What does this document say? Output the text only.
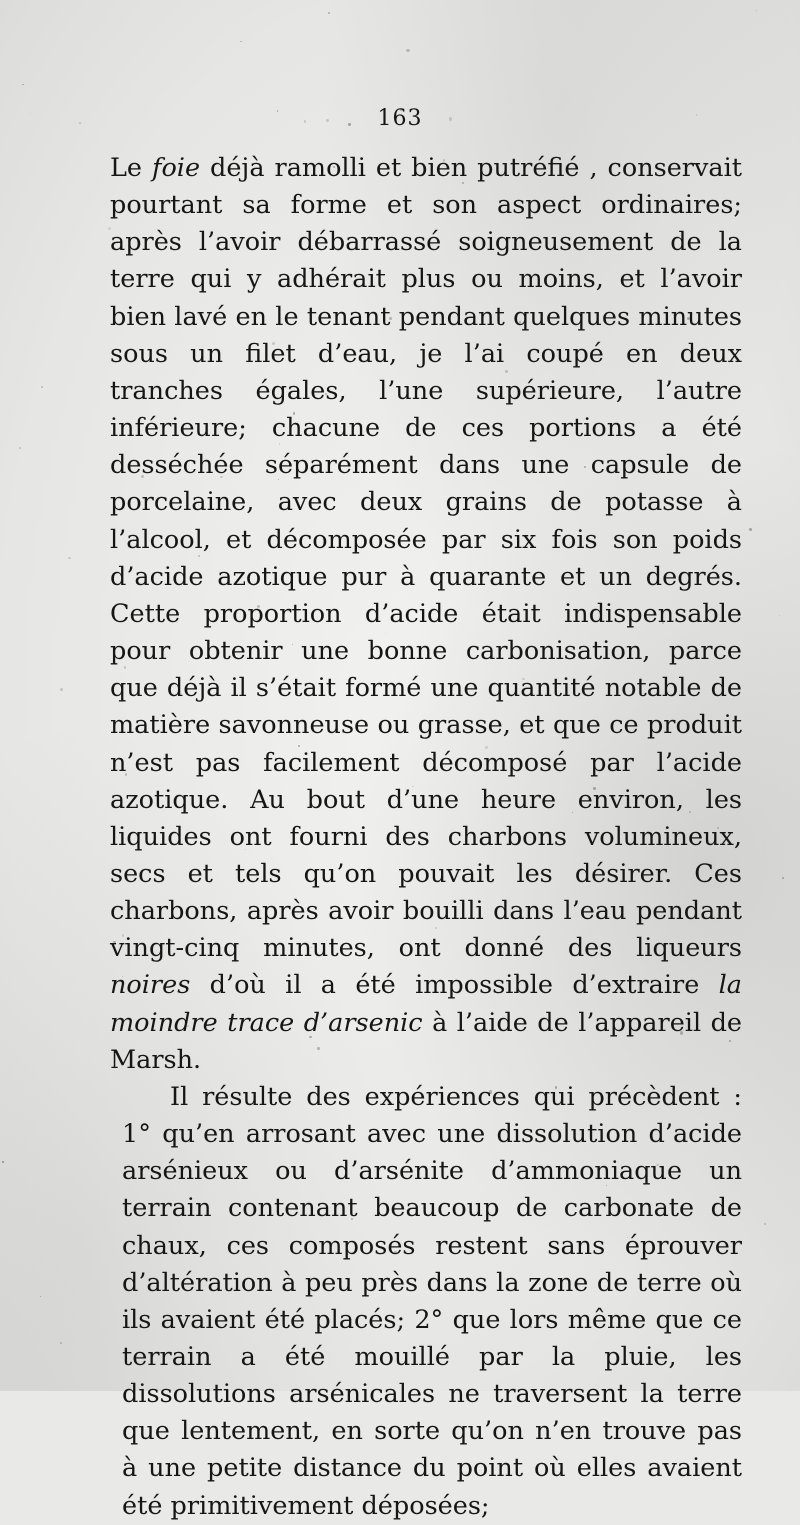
163

Le foie déjà ramolli et bien putréfié , conservait pourtant sa forme et son aspect ordinaires; après l’avoir débarrassé soigneusement de la terre qui y adhérait plus ou moins, et l’avoir bien lavé en le tenant pendant quelques minutes sous un filet d’eau, je l’ai coupé en deux tranches égales, l’une supérieure, l’autre inférieure; chacune de ces portions a été desséchée séparément dans une capsule de porcelaine, avec deux grains de potasse à l’alcool, et décomposée par six fois son poids d’acide azotique pur à quarante et un degrés. Cette proportion d’acide était indispensable pour obtenir une bonne carbonisation, parce que déjà il s’était formé une quantité notable de matière savonneuse ou grasse, et que ce produit n’est pas facilement décomposé par l’acide azotique. Au bout d’une heure environ, les liquides ont fourni des charbons volumineux, secs et tels qu’on pouvait les désirer. Ces charbons, après avoir bouilli dans l’eau pendant vingt-cinq minutes, ont donné des liqueurs noires d’où il a été impossible d’extraire la moindre trace d’arsenic à l’aide de l’appareil de Marsh.

Il résulte des expériences qui précèdent : 1° qu’en arrosant avec une dissolution d’acide arsénieux ou d’arsénite d’ammoniaque un terrain contenant beaucoup de carbonate de chaux, ces composés restent sans éprouver d’altération à peu près dans la zone de terre où ils avaient été placés; 2° que lors même que ce terrain a été mouillé par la pluie, les dissolutions arsénicales ne traversent la terre que lentement, en sorte qu’on n’en trouve pas à une petite distance du point où elles avaient été primitivement déposées;
